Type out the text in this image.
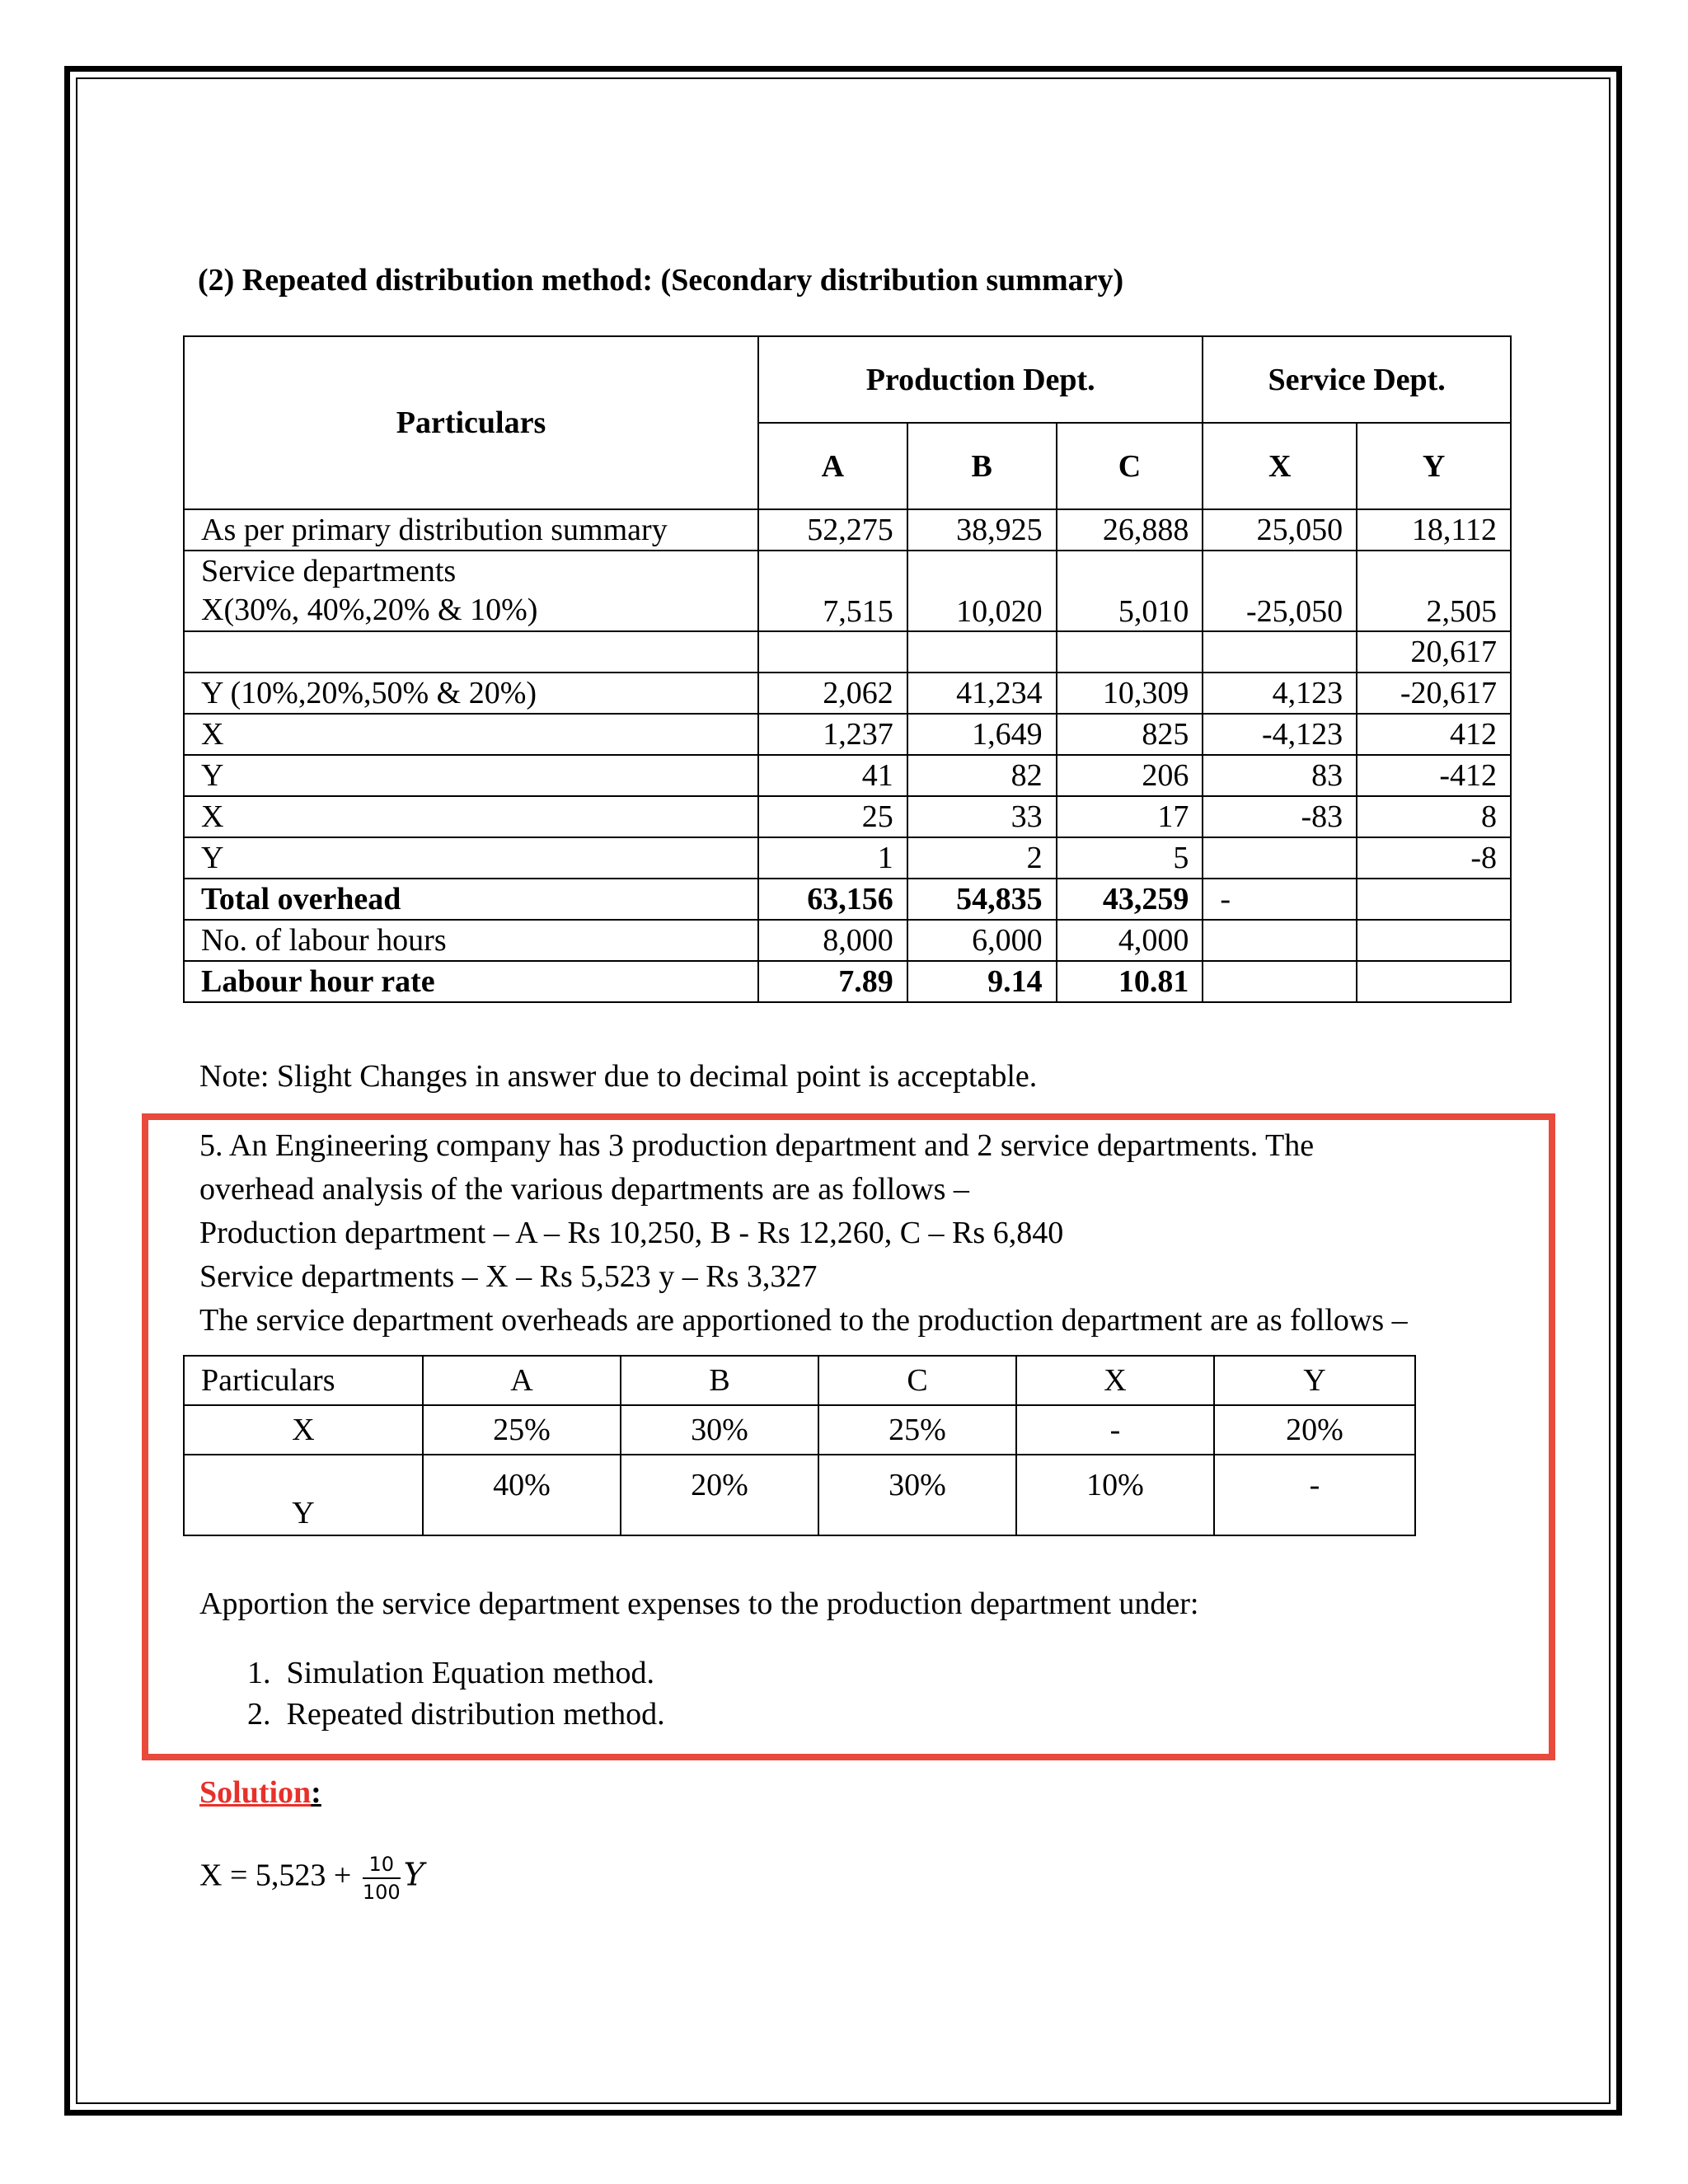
(2) Repeated distribution method: (Secondary distribution summary)
Particulars	Production Dept.			Service Dept.	
	A	B	C	X	Y
As per primary distribution summary	52,275	38,925	26,888	25,050	18,112

Service departments
X(30%, 40%,20% & 10%)	7,515	10,020	5,010	-25,050	2,505
					20,617
Y (10%,20%,50% & 20%)	2,062	41,234	10,309	4,123	-20,617
X	1,237	1,649	825	-4,123	412
Y	41	82	206	83	-412
X	25	33	17	-83	8
Y	1	2	5		-8
Total overhead	63,156	54,835	43,259	-	
No. of labour hours	8,000	6,000	4,000		
Labour hour rate	7.89	9.14	10.81		
Note: Slight Changes in answer due to decimal point is acceptable.
5. An Engineering company has 3 production department and 2 service departments. The
overhead analysis of the various departments are as follows –
Production department – A – Rs 10,250, B - Rs 12,260, C – Rs 6,840
Service departments – X – Rs 5,523 y – Rs 3,327
The service department overheads are apportioned to the production department are as follows –
Particulars	A	B	C	X	Y
X	25%	30%	25%	-	20%
Y	40%	20%	30%	10%	-
Apportion the service department expenses to the production department under:
1.  Simulation Equation method.
2.  Repeated distribution method.
Solution:
$X = 5,523 + \frac{10}{100}$ Y
